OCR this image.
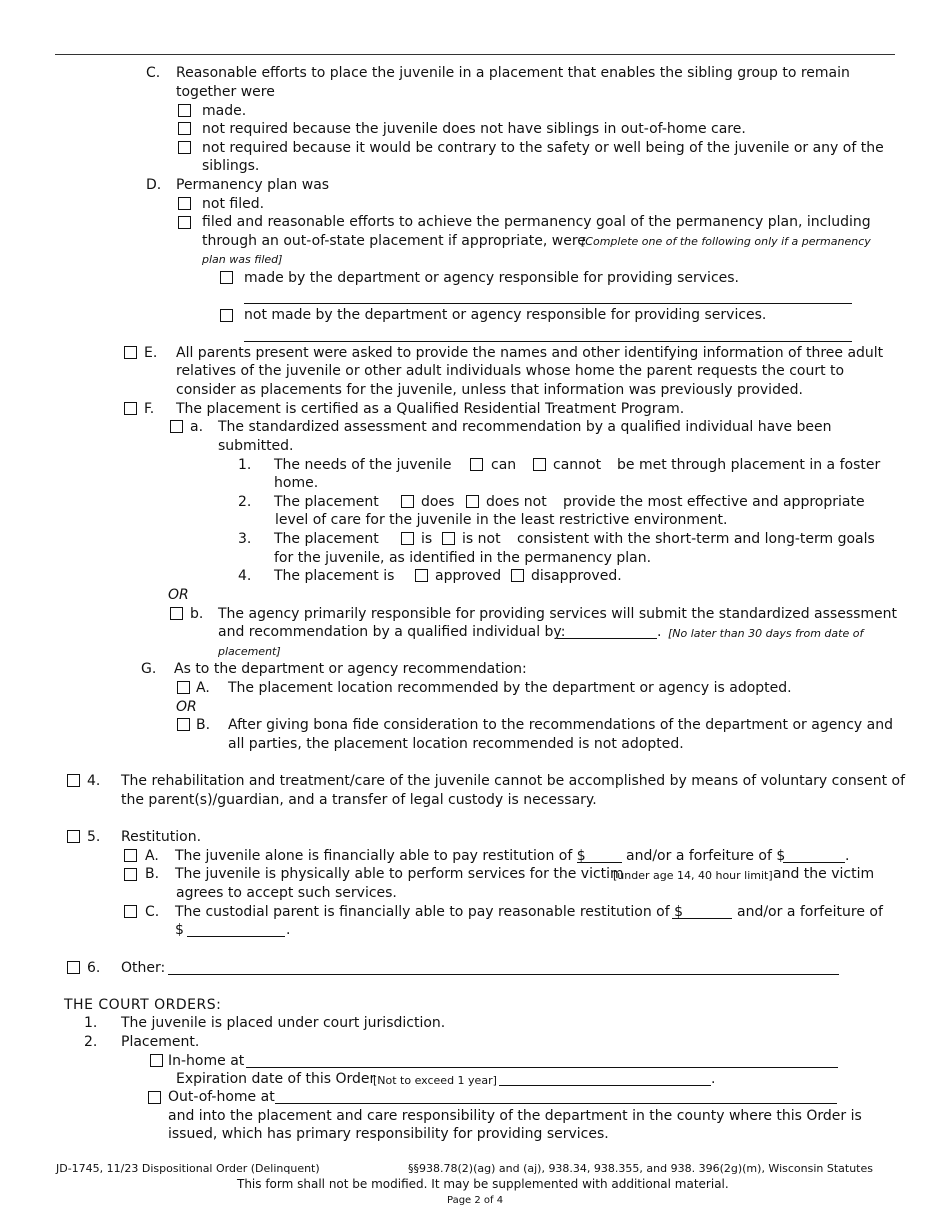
C. Reasonable efforts to place the juvenile in a placement that enables the sibling group to remain
together were
made.
not required because the juvenile does not have siblings in out-of-home care.
not required because it would be contrary to the safety or well being of the juvenile or any of the
siblings.
D. Permanency plan was
not filed.
filed and reasonable efforts to achieve the permanency goal of the permanency plan, including
through an out-of-state placement if appropriate, were
[Complete one of the following only if a permanency
plan was filed]
made by the department or agency responsible for providing services.
not made by the department or agency responsible for providing services.
E. All parents present were asked to provide the names and other identifying information of three adult
relatives of the juvenile or other adult individuals whose home the parent requests the court to
consider as placements for the juvenile, unless that information was previously provided.
F. The placement is certified as a Qualified Residential Treatment Program.
a. The standardized assessment and recommendation by a qualified individual have been
submitted.
1. The needs of the juvenile	can	cannot be met through placement in a foster
home.
2. The placement	does does not provide the most effective and appropriate
level of care for the juvenile in the least restrictive environment.
3. The placement	is is not consistent with the short-term and long-term goals
for the juvenile, as identified in the permanency plan.
4. The placement is	approved disapproved.
OR
b. The agency primarily responsible for providing services will submit the standardized assessment
and recommendation by a qualified individual by:	. [No later than 30 days from date of
placement]
G. As to the department or agency recommendation:
A. The placement location recommended by the department or agency is adopted.
OR
B. After giving bona fide consideration to the recommendations of the department or agency and
all parties, the placement location recommended is not adopted.
4. The rehabilitation and treatment/care of the juvenile cannot be accomplished by means of voluntary consent of
the parent(s)/guardian, and a transfer of legal custody is necessary.
5. Restitution.
A. The juvenile alone is financially able to pay restitution of $	and/or a forfeiture of $	.
B. The juvenile is physically able to perform services for the victim
[under age 14, 40 hour limit] and the victim
agrees to accept such services.
C. The custodial parent is financially able to pay reasonable restitution of $	and/or a forfeiture of
$	.
6. Other:
THE COURT ORDERS:
1. The juvenile is placed under court jurisdiction.
2. Placement.
In-home at
Expiration date of this Order
[Not to exceed 1 year]	.
Out-of-home at
and into the placement and care responsibility of the department in the county where this Order is
issued, which has primary responsibility for providing services.
JD-1745, 11/23 Dispositional Order (Delinquent)	§§938.78(2)(ag) and (aj), 938.34, 938.355, and 938. 396(2g)(m), Wisconsin Statutes
This form shall not be modified. It may be supplemented with additional material.
Page 2 of 4
